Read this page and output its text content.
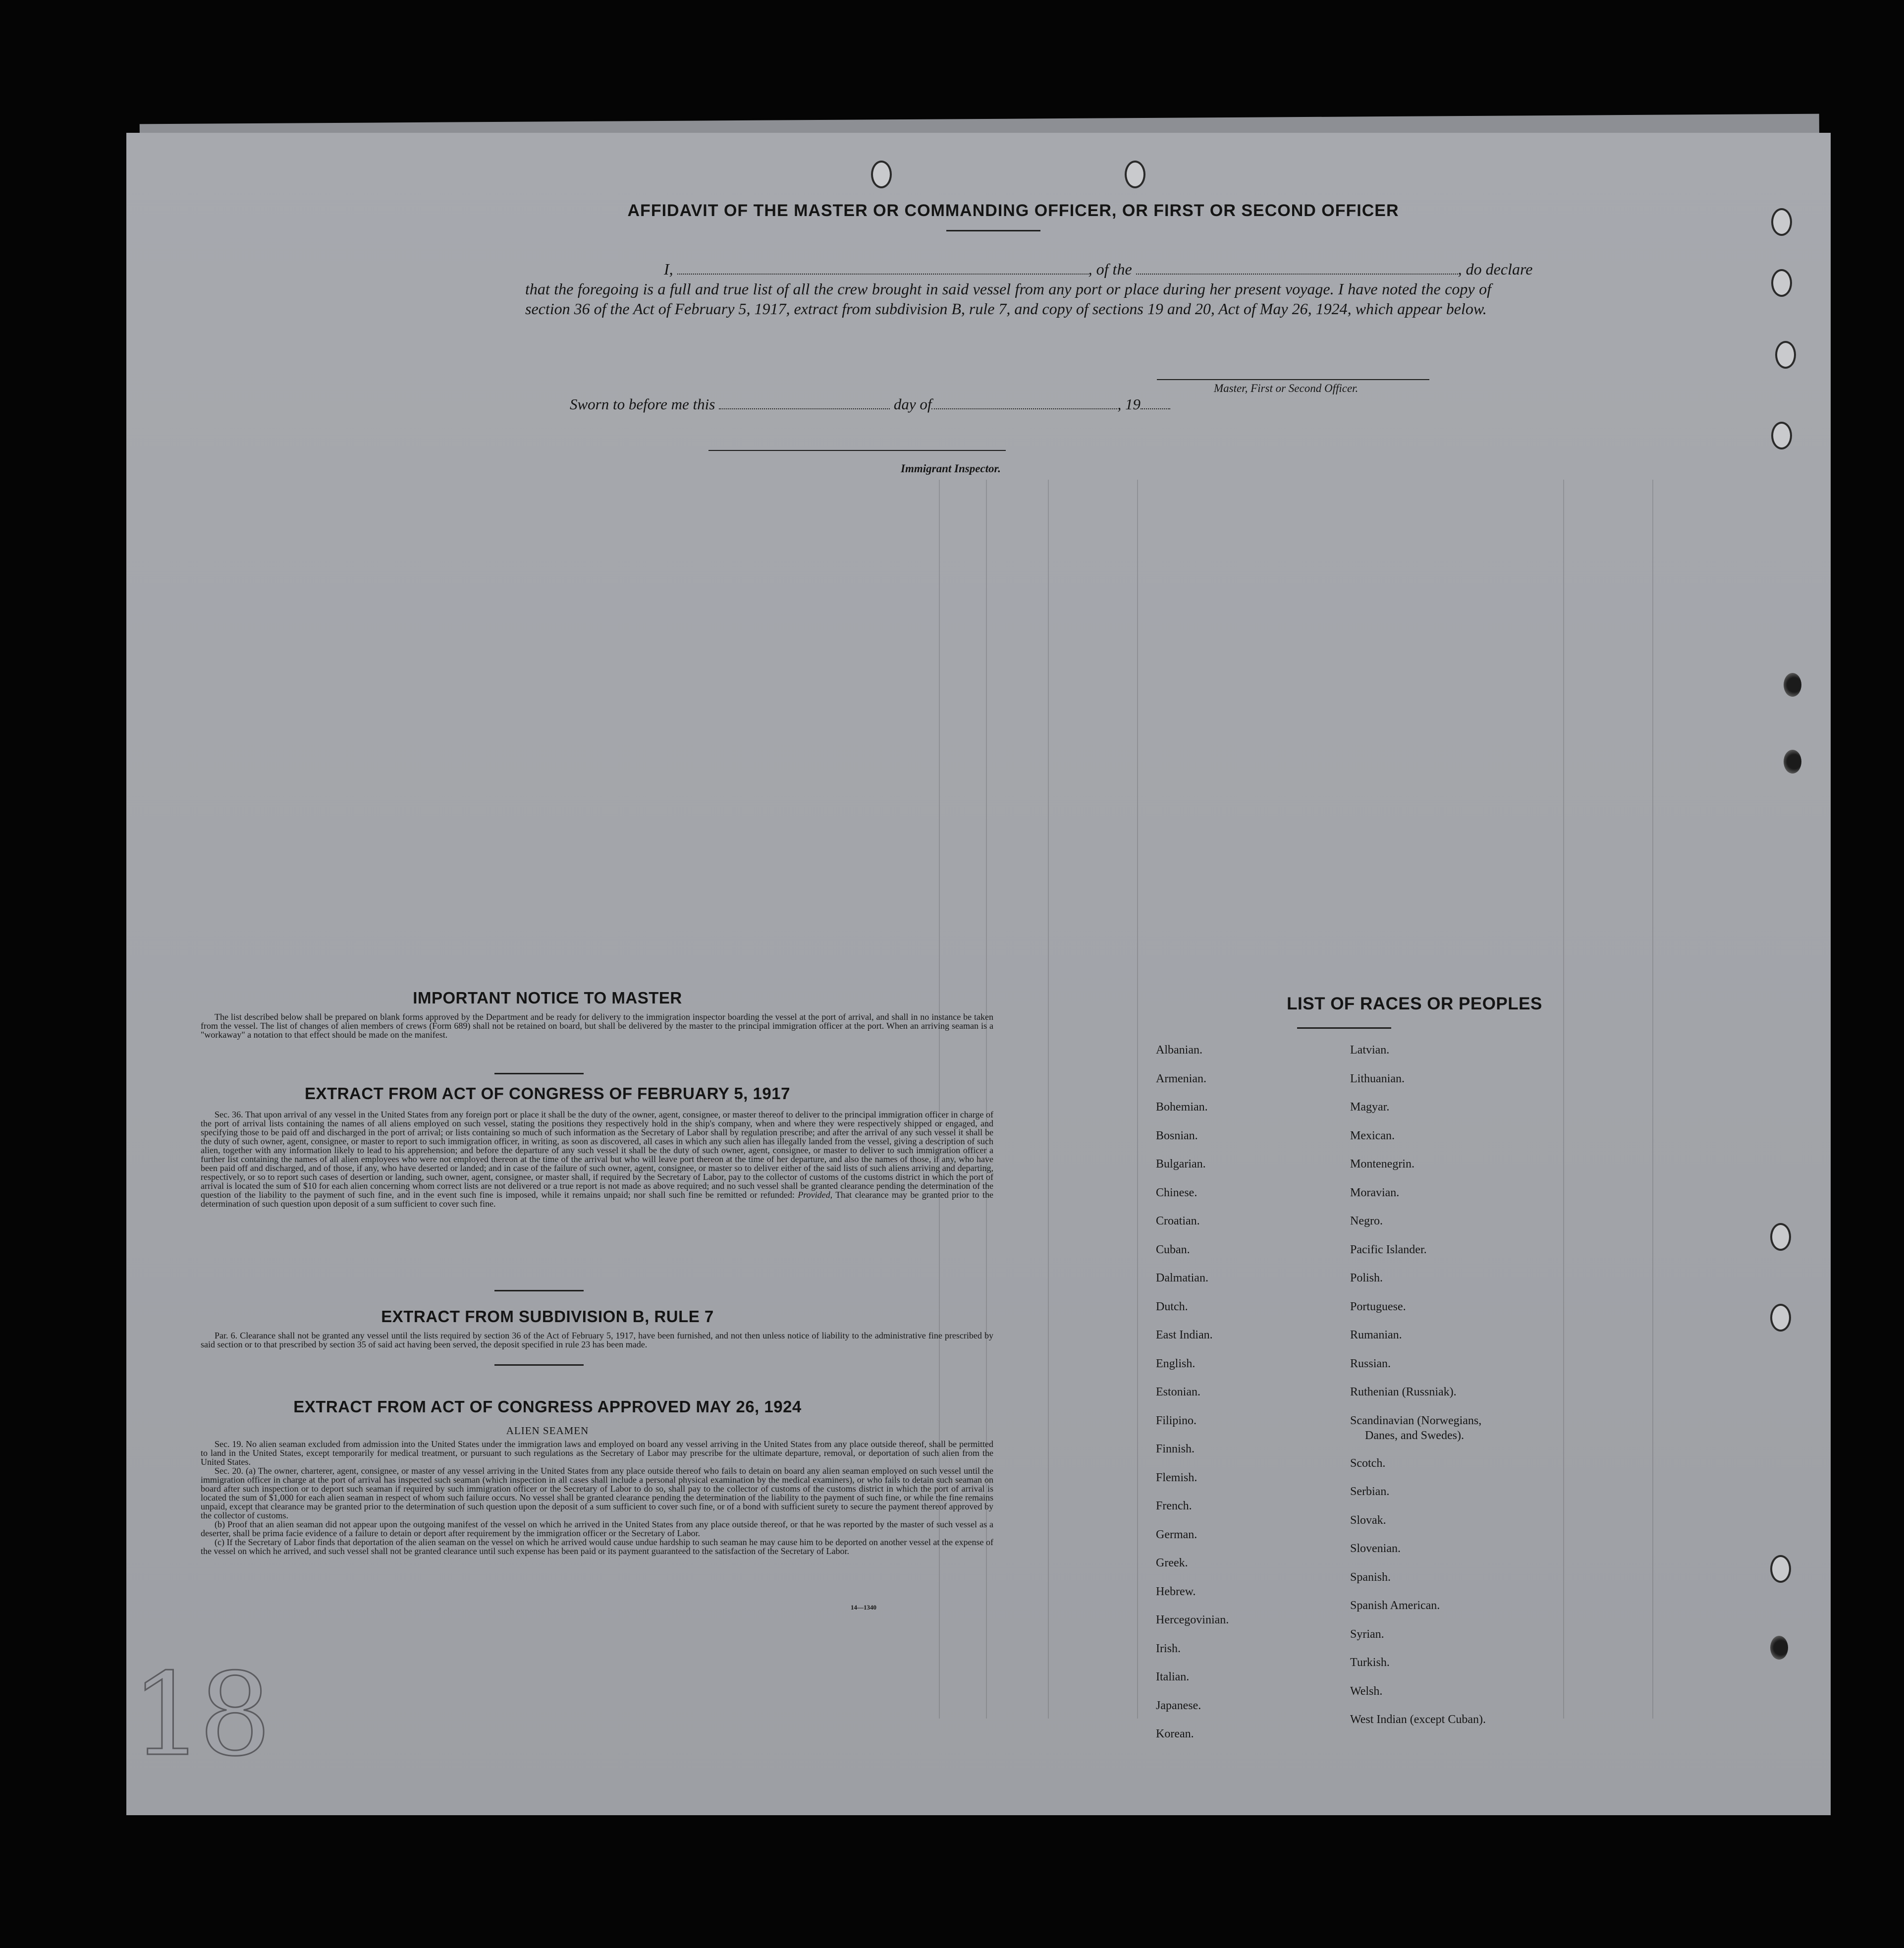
AFFIDAVIT OF THE MASTER OR COMMANDING OFFICER, OR FIRST OR SECOND OFFICER
I,	, of the	, do declare
that the foregoing is a full and true list of all the crew brought in said vessel from any port or place during her present voyage. I have noted the copy of section 36 of the Act of February 5, 1917, extract from subdivision B, rule 7, and copy of sections 19 and 20, Act of May 26, 1924, which appear below.
Master, First or Second Officer.
Sworn to before me this	day of	, 19
Immigrant Inspector.
IMPORTANT NOTICE TO MASTER
The list described below shall be prepared on blank forms approved by the Department and be ready for delivery to the immigration inspector boarding the vessel at the port of arrival, and shall in no instance be taken from the vessel. The list of changes of alien members of crews (Form 689) shall not be retained on board, but shall be delivered by the master to the principal immigration officer at the port. When an arriving seaman is a "workaway" a notation to that effect should be made on the manifest.
EXTRACT FROM ACT OF CONGRESS OF FEBRUARY 5, 1917
Sec. 36. That upon arrival of any vessel in the United States from any foreign port or place it shall be the duty of the owner, agent, consignee, or master thereof to deliver to the principal immigration officer in charge of the port of arrival lists containing the names of all aliens employed on such vessel, stating the positions they respectively hold in the ship's company, when and where they were respectively shipped or engaged, and specifying those to be paid off and discharged in the port of arrival; or lists containing so much of such information as the Secretary of Labor shall by regulation prescribe; and after the arrival of any such vessel it shall be the duty of such owner, agent, consignee, or master to report to such immigration officer, in writing, as soon as discovered, all cases in which any such alien has illegally landed from the vessel, giving a description of such alien, together with any information likely to lead to his apprehension; and before the departure of any such vessel it shall be the duty of such owner, agent, consignee, or master to deliver to such immigration officer a further list containing the names of all alien employees who were not employed thereon at the time of the arrival but who will leave port thereon at the time of her departure, and also the names of those, if any, who have been paid off and discharged, and of those, if any, who have deserted or landed; and in case of the failure of such owner, agent, consignee, or master so to deliver either of the said lists of such aliens arriving and departing, respectively, or so to report such cases of desertion or landing, such owner, agent, consignee, or master shall, if required by the Secretary of Labor, pay to the collector of customs of the customs district in which the port of arrival is located the sum of $10 for each alien concerning whom correct lists are not delivered or a true report is not made as above required; and no such vessel shall be granted clearance pending the determination of the question of the liability to the payment of such fine, and in the event such fine is imposed, while it remains unpaid; nor shall such fine be remitted or refunded: Provided, That clearance may be granted prior to the determination of such question upon deposit of a sum sufficient to cover such fine.
EXTRACT FROM SUBDIVISION B, RULE 7
Par. 6. Clearance shall not be granted any vessel until the lists required by section 36 of the Act of February 5, 1917, have been furnished, and not then unless notice of liability to the administrative fine prescribed by said section or to that prescribed by section 35 of said act having been served, the deposit specified in rule 23 has been made.
EXTRACT FROM ACT OF CONGRESS APPROVED MAY 26, 1924
ALIEN SEAMEN
Sec. 19. No alien seaman excluded from admission into the United States under the immigration laws and employed on board any vessel arriving in the United States from any place outside thereof, shall be permitted to land in the United States, except temporarily for medical treatment, or pursuant to such regulations as the Secretary of Labor may prescribe for the ultimate departure, removal, or deportation of such alien from the United States.
Sec. 20. (a) The owner, charterer, agent, consignee, or master of any vessel arriving in the United States from any place outside thereof who fails to detain on board any alien seaman employed on such vessel until the immigration officer in charge at the port of arrival has inspected such seaman (which inspection in all cases shall include a personal physical examination by the medical examiners), or who fails to detain such seaman on board after such inspection or to deport such seaman if required by such immigration officer or the Secretary of Labor to do so, shall pay to the collector of customs of the customs district in which the port of arrival is located the sum of $1,000 for each alien seaman in respect of whom such failure occurs. No vessel shall be granted clearance pending the determination of the liability to the payment of such fine, or while the fine remains unpaid, except that clearance may be granted prior to the determination of such question upon the deposit of a sum sufficient to cover such fine, or of a bond with sufficient surety to secure the payment thereof approved by the collector of customs.
(b) Proof that an alien seaman did not appear upon the outgoing manifest of the vessel on which he arrived in the United States from any place outside thereof, or that he was reported by the master of such vessel as a deserter, shall be prima facie evidence of a failure to detain or deport after requirement by the immigration officer or the Secretary of Labor.
(c) If the Secretary of Labor finds that deportation of the alien seaman on the vessel on which he arrived would cause undue hardship to such seaman he may cause him to be deported on another vessel at the expense of the vessel on which he arrived, and such vessel shall not be granted clearance until such expense has been paid or its payment guaranteed to the satisfaction of the Secretary of Labor.
14—1340
LIST OF RACES OR PEOPLES
Albanian.
Armenian.
Bohemian.
Bosnian.
Bulgarian.
Chinese.
Croatian.
Cuban.
Dalmatian.
Dutch.
East Indian.
English.
Estonian.
Filipino.
Finnish.
Flemish.
French.
German.
Greek.
Hebrew.
Hercegovinian.
Irish.
Italian.
Japanese.
Korean.
Latvian.
Lithuanian.
Magyar.
Mexican.
Montenegrin.
Moravian.
Negro.
Pacific Islander.
Polish.
Portuguese.
Rumanian.
Russian.
Ruthenian (Russniak).
Scandinavian (Norwegians,
Danes, and Swedes).
Scotch.
Serbian.
Slovak.
Slovenian.
Spanish.
Spanish American.
Syrian.
Turkish.
Welsh.
West Indian (except Cuban).
18
